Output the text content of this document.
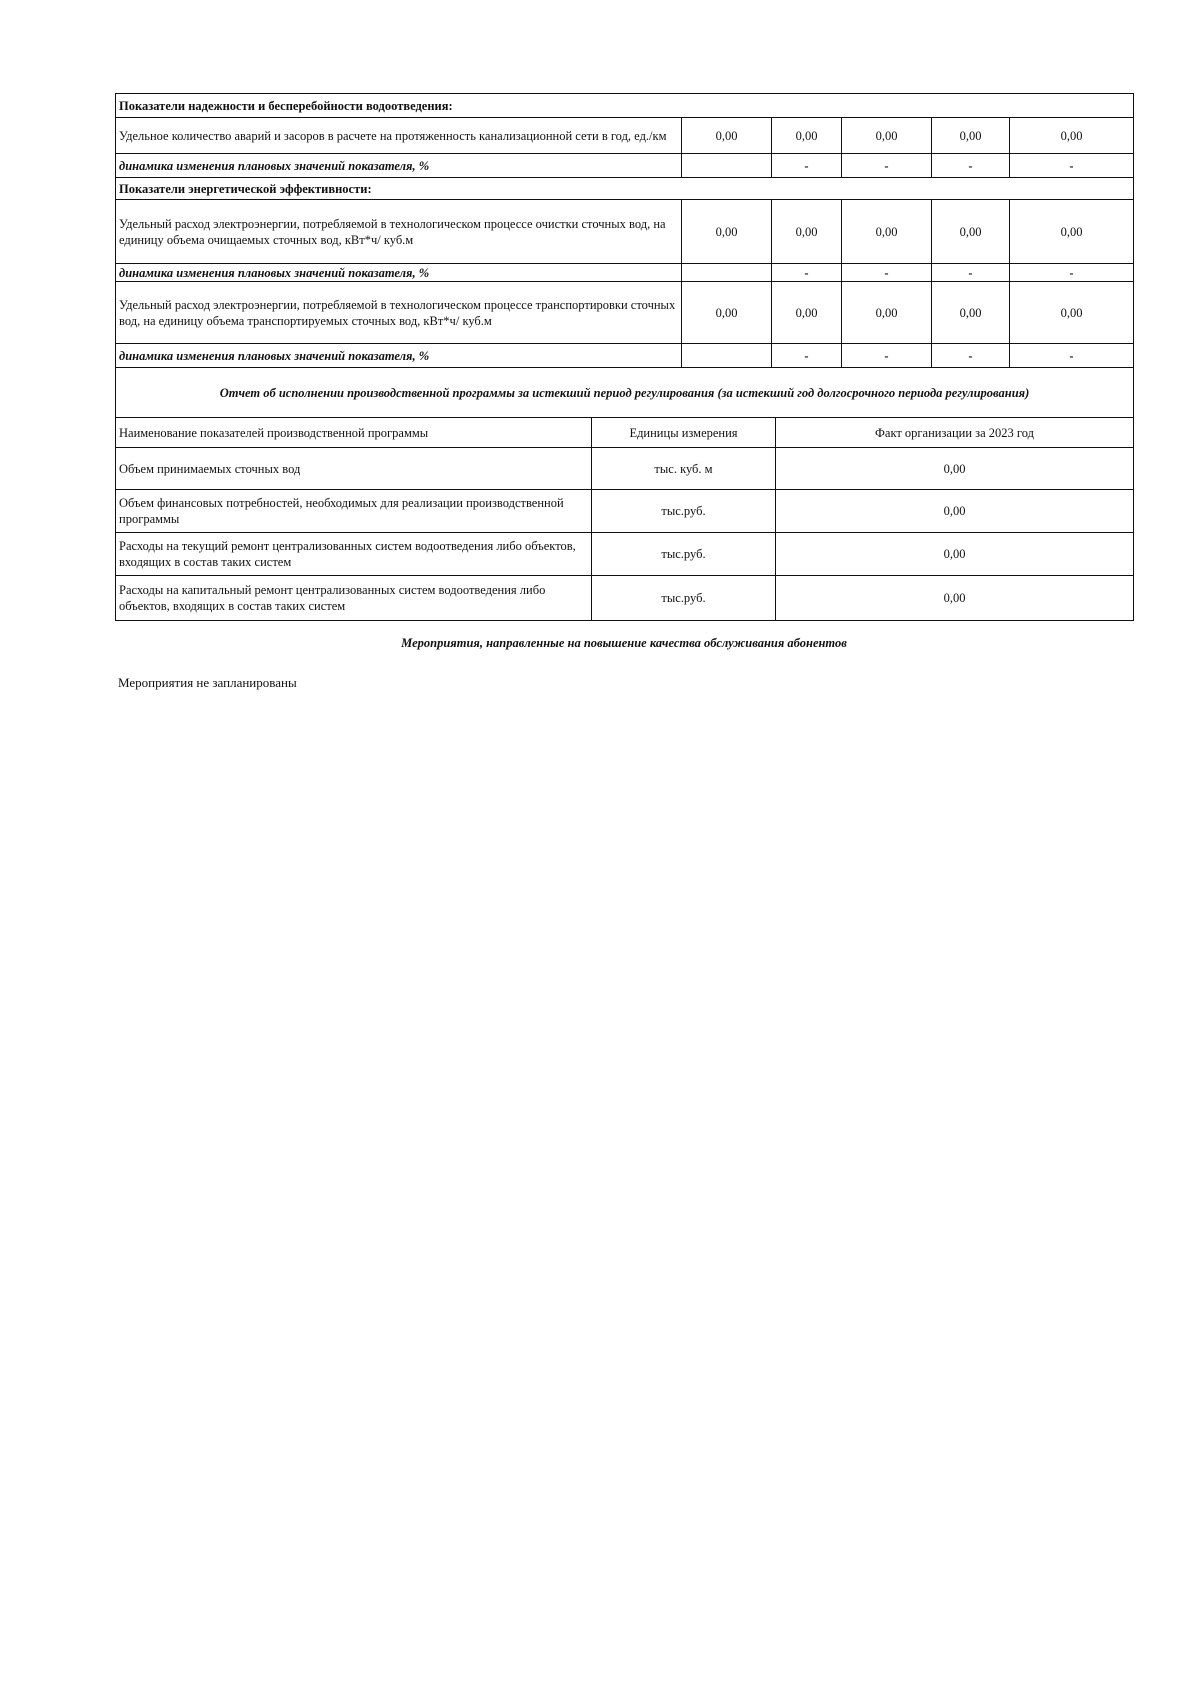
Показатели надежности и бесперебойности водоотведения:					
Удельное количество аварий и засоров в расчете на протяженность канализационной сети в год, ед./км	0,00	0,00	0,00	0,00	0,00
динамика изменения плановых значений показателя, %		-	-	-	-
Показатели энергетической эффективности:					
Удельный расход электроэнергии, потребляемой в технологическом процессе очистки сточных вод, на единицу объема очищаемых сточных вод, кВт*ч/ куб.м	0,00	0,00	0,00	0,00	0,00
динамика изменения плановых значений показателя, %		-	-	-	-
Удельный расход электроэнергии, потребляемой в технологическом процессе транспортировки сточных вод, на единицу объема транспортируемых сточных вод, кВт*ч/ куб.м	0,00	0,00	0,00	0,00	0,00
динамика изменения плановых значений показателя, %		-	-	-	-
Отчет об исполнении производственной программы за истекший период регулирования (за истекший год долгосрочного периода регулирования)					
Наименование показателей производственной программы	Единицы измерения	Факт организации за 2023 год
Объем принимаемых сточных вод	тыс. куб. м	0,00
Объем финансовых потребностей, необходимых для реализации производственной программы	тыс.руб.	0,00
Расходы на текущий ремонт централизованных систем водоотведения либо объектов, входящих в состав таких систем	тыс.руб.	0,00
Расходы на капитальный ремонт централизованных систем водоотведения либо объектов, входящих в состав таких систем	тыс.руб.	0,00
Мероприятия, направленные на повышение качества обслуживания абонентов
Мероприятия не запланированы
